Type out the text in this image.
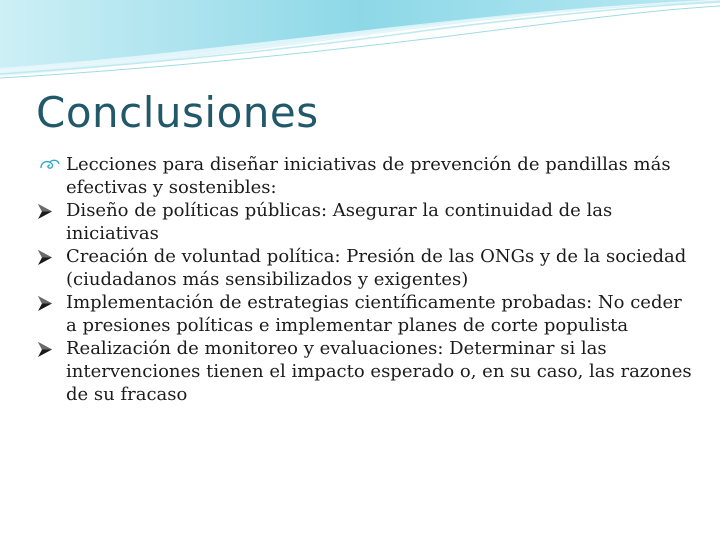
Conclusiones
Lecciones para diseñar iniciativas de prevención de pandillas más efectivas y sostenibles:
Diseño de políticas públicas: Asegurar la continuidad de las iniciativas
Creación de voluntad política: Presión de las ONGs y de la sociedad (ciudadanos más sensibilizados y exigentes)
Implementación de estrategias científicamente probadas: No ceder a presiones políticas e implementar planes de corte populista
Realización de monitoreo y evaluaciones: Determinar si las intervenciones tienen el impacto esperado o, en su caso, las razones de su fracaso
